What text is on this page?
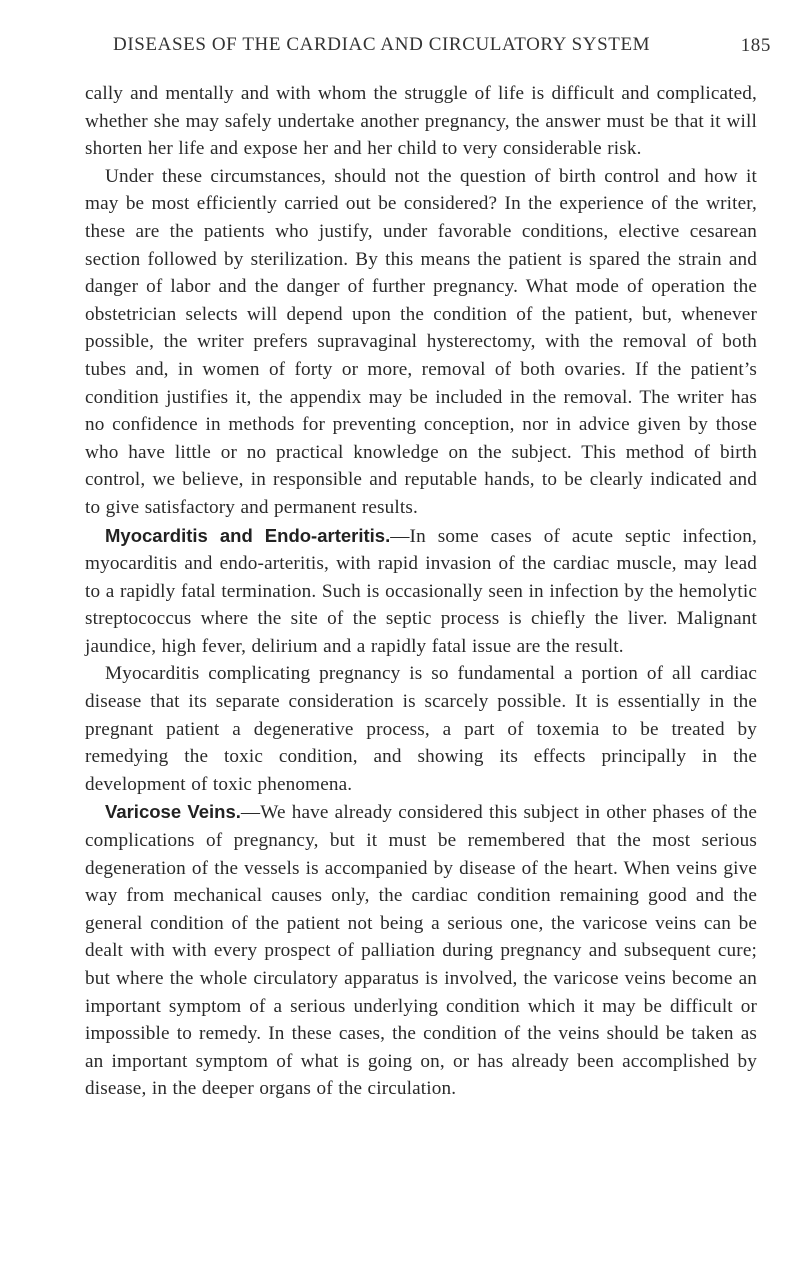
DISEASES OF THE CARDIAC AND CIRCULATORY SYSTEM	185

cally and mentally and with whom the struggle of life is difficult and complicated, whether she may safely undertake another pregnancy, the answer must be that it will shorten her life and expose her and her child to very considerable risk.

Under these circumstances, should not the question of birth control and how it may be most efficiently carried out be considered? In the experience of the writer, these are the patients who justify, under favorable conditions, elective cesarean section followed by sterilization. By this means the patient is spared the strain and danger of labor and the danger of further pregnancy. What mode of operation the obstetrician selects will depend upon the condition of the patient, but, whenever possible, the writer prefers supravaginal hysterectomy, with the removal of both tubes and, in women of forty or more, removal of both ovaries. If the patient’s condition justifies it, the appendix may be included in the removal. The writer has no confidence in methods for preventing conception, nor in advice given by those who have little or no practical knowledge on the subject. This method of birth control, we believe, in responsible and reputable hands, to be clearly indicated and to give satisfactory and permanent results.

Myocarditis and Endo-arteritis.—In some cases of acute septic infection, myocarditis and endo-arteritis, with rapid invasion of the cardiac muscle, may lead to a rapidly fatal termination. Such is occasionally seen in infection by the hemolytic streptococcus where the site of the septic process is chiefly the liver. Malignant jaundice, high fever, delirium and a rapidly fatal issue are the result.

Myocarditis complicating pregnancy is so fundamental a portion of all cardiac disease that its separate consideration is scarcely possible. It is essentially in the pregnant patient a degenerative process, a part of toxemia to be treated by remedying the toxic condition, and showing its effects principally in the development of toxic phenomena.

Varicose Veins.—We have already considered this subject in other phases of the complications of pregnancy, but it must be remembered that the most serious degeneration of the vessels is accompanied by disease of the heart. When veins give way from mechanical causes only, the cardiac condition remaining good and the general condition of the patient not being a serious one, the varicose veins can be dealt with with every prospect of palliation during pregnancy and subsequent cure; but where the whole circulatory apparatus is involved, the varicose veins become an important symptom of a serious underlying condition which it may be difficult or impossible to remedy. In these cases, the condition of the veins should be taken as an important symptom of what is going on, or has already been accomplished by disease, in the deeper organs of the circulation.
